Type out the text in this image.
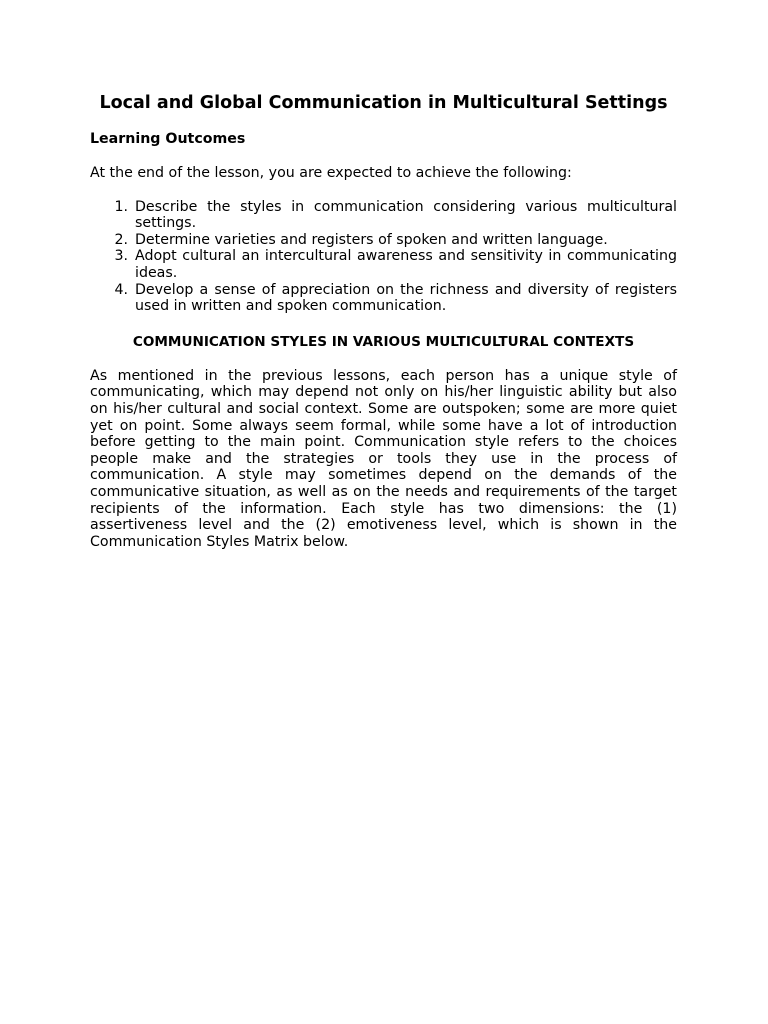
Local and Global Communication in Multicultural Settings
Learning Outcomes

At the end of the lesson, you are expected to achieve the following:

1. Describe the styles in communication considering various multicultural settings.
2. Determine varieties and registers of spoken and written language.
3. Adopt cultural an intercultural awareness and sensitivity in communicating ideas.
4. Develop a sense of appreciation on the richness and diversity of registers used in written and spoken communication.
COMMUNICATION STYLES IN VARIOUS MULTICULTURAL CONTEXTS

As mentioned in the previous lessons, each person has a unique style of communicating, which may depend not only on his/her linguistic ability but also on his/her cultural and social context. Some are outspoken; some are more quiet yet on point. Some always seem formal, while some have a lot of introduction before getting to the main point. Communication style refers to the choices people make and the strategies or tools they use in the process of communication. A style may sometimes depend on the demands of the communicative situation, as well as on the needs and requirements of the target recipients of the information. Each style has two dimensions: the (1) assertiveness level and the (2) emotiveness level, which is shown in the Communication Styles Matrix below.
